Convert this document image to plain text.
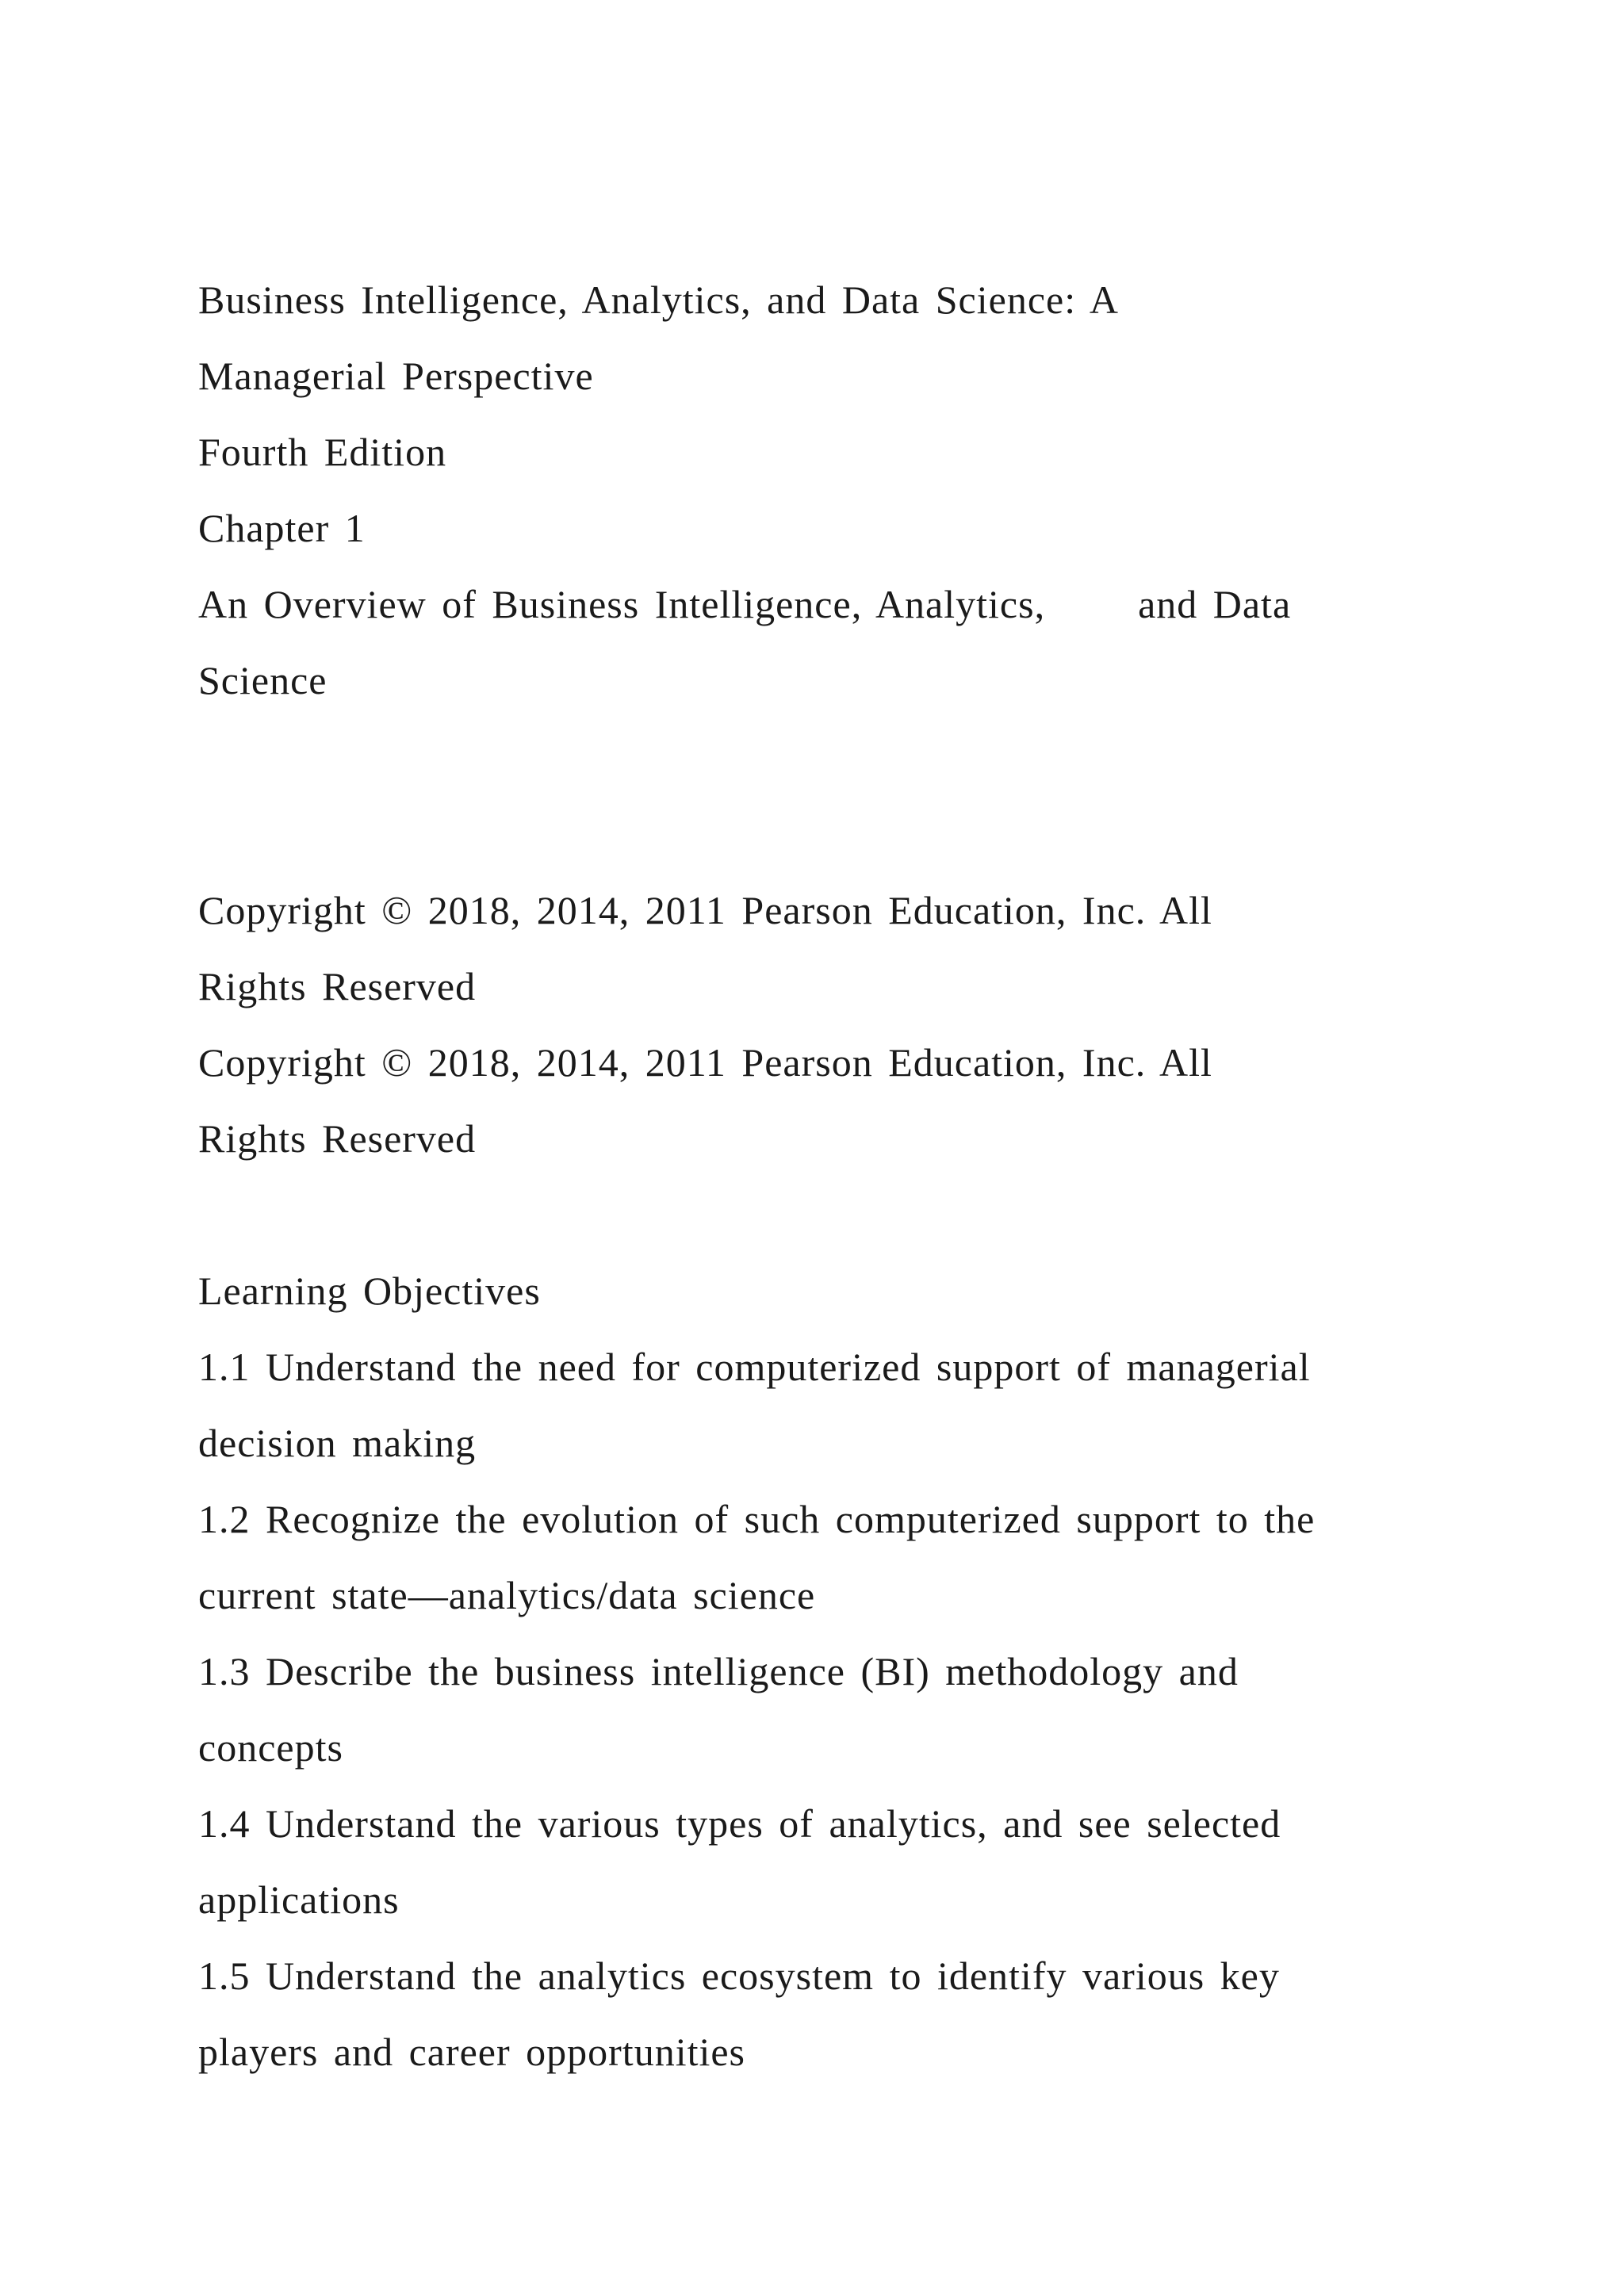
Business Intelligence, Analytics, and Data Science: A
Managerial Perspective
Fourth Edition
Chapter 1
An Overview of Business Intelligence, Analytics,      and Data
Science
Copyright © 2018, 2014, 2011 Pearson Education, Inc. All
Rights Reserved
Copyright © 2018, 2014, 2011 Pearson Education, Inc. All
Rights Reserved
Learning Objectives
1.1 Understand the need for computerized support of managerial
decision making
1.2 Recognize the evolution of such computerized support to the
current state—analytics/data science
1.3 Describe the business intelligence (BI) methodology and
concepts
1.4 Understand the various types of analytics, and see selected
applications
1.5 Understand the analytics ecosystem to identify various key
players and career opportunities
